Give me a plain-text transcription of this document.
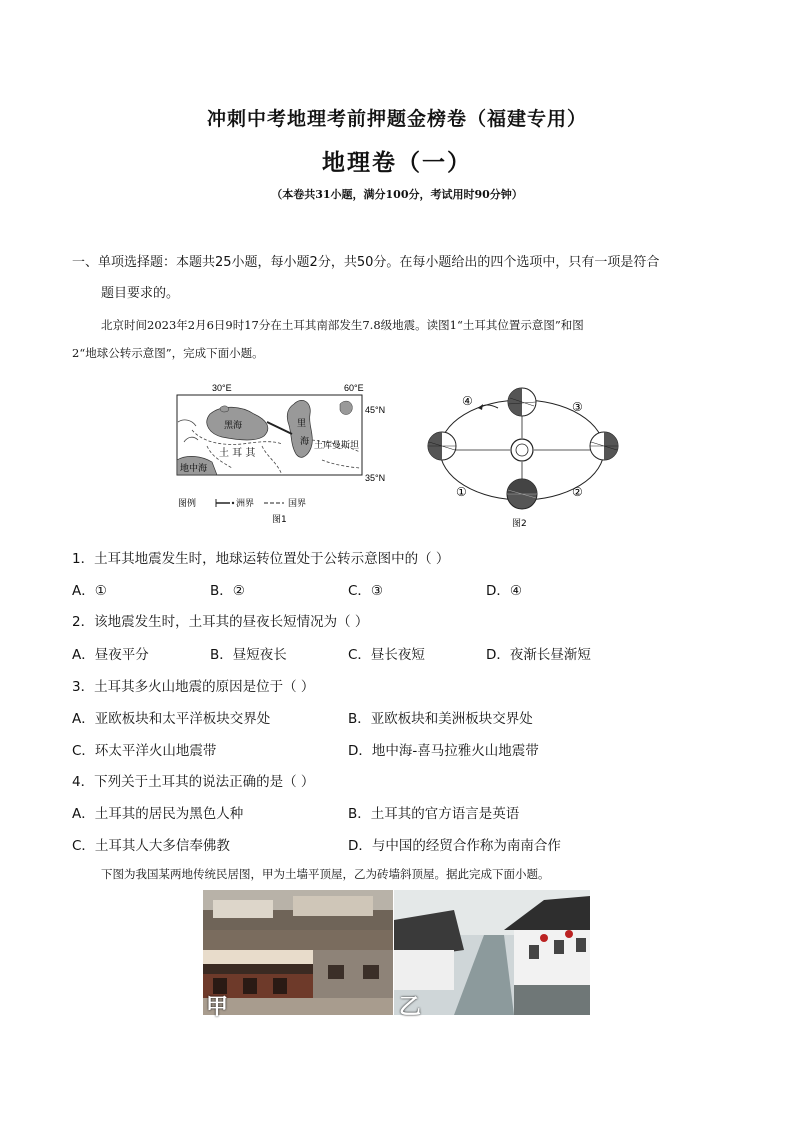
冲刺中考地理考前押题金榜卷（福建专用）
地理卷（一）
（本卷共31小题，满分100分，考试用时90分钟）
一、单项选择题：本题共25小题，每小题2分，共50分。在每小题给出的四个选项中，只有一项是符合
题目要求的。
北京时间2023年2月6日9时17分在土耳其南部发生7.8级地震。读图1“土耳其位置示意图”和图
2“地球公转示意图”，完成下面小题。
30°E	60°E
45°N
35°N
黑海	里
海
土 耳 其
土库曼斯坦
地中海
图例	洲界	国界
图1
④	③
①	②
图2
1．土耳其地震发生时，地球运转位置处于公转示意图中的（ ）
A．①	B．②	C．③	D．④
2．该地震发生时，土耳其的昼夜长短情况为（ ）
A．昼夜平分	B．昼短夜长	C．昼长夜短	D．夜渐长昼渐短
3．土耳其多火山地震的原因是位于（ ）
A．亚欧板块和太平洋板块交界处	B．亚欧板块和美洲板块交界处
C．环太平洋火山地震带	D．地中海-喜马拉雅火山地震带
4．下列关于土耳其的说法正确的是（ ）
A．土耳其的居民为黑色人种	B．土耳其的官方语言是英语
C．土耳其人大多信奉佛教	D．与中国的经贸合作称为南南合作
下图为我国某两地传统民居图，甲为土墙平顶屋，乙为砖墙斜顶屋。据此完成下面小题。
甲	乙
